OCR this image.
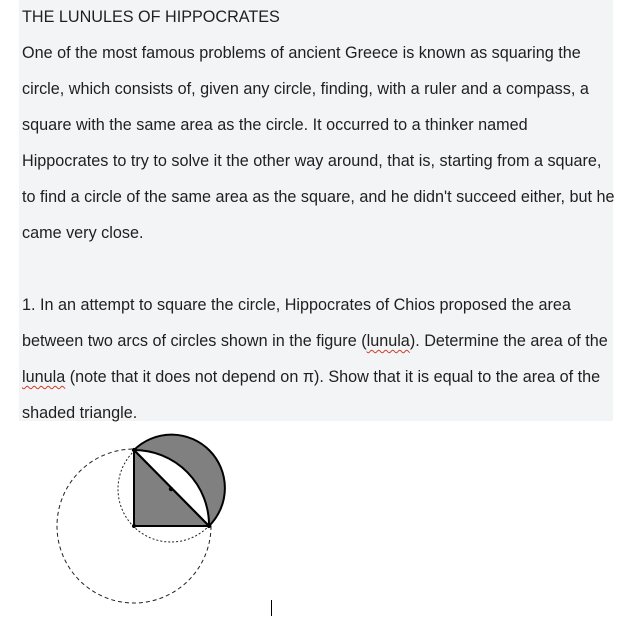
THE LUNULES OF HIPPOCRATES
One of the most famous problems of ancient Greece is known as squaring the
circle, which consists of, given any circle, finding, with a ruler and a compass, a
square with the same area as the circle. It occurred to a thinker named
Hippocrates to try to solve it the other way around, that is, starting from a square,
to find a circle of the same area as the square, and he didn't succeed either, but he
came very close.
1. In an attempt to square the circle, Hippocrates of Chios proposed the area
between two arcs of circles shown in the figure (lunula). Determine the area of the
lunula (note that it does not depend on π). Show that it is equal to the area of the
shaded triangle.
